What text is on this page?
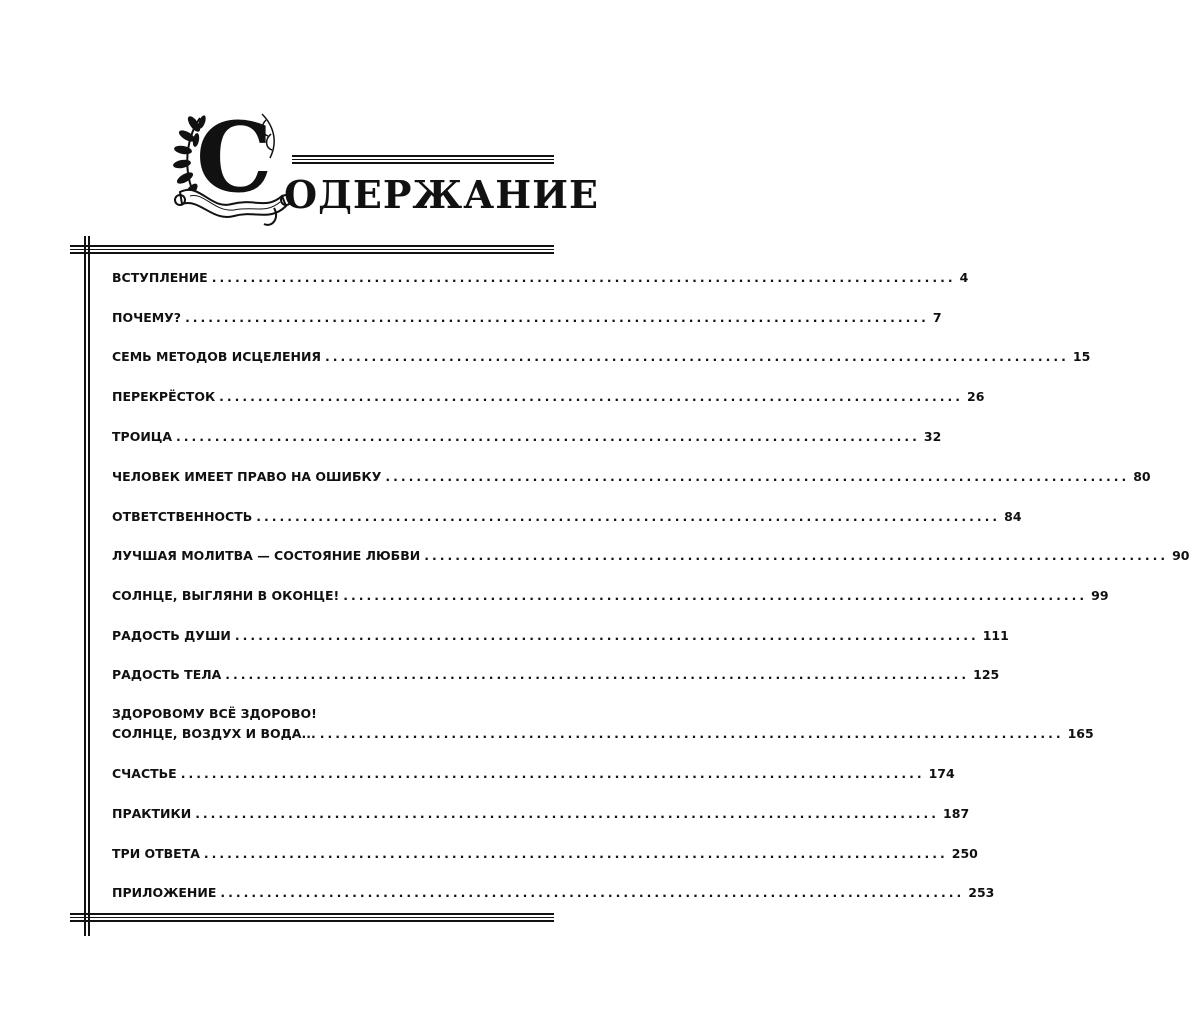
С ОДЕРЖАНИЕ
ВСТУПЛЕНИЕ ................................................................................................ 4
ПОЧЕМУ? ................................................................................................ 7
СЕМЬ МЕТОДОВ ИСЦЕЛЕНИЯ ................................................................................................ 15
ПЕРЕКРЁСТОК ................................................................................................ 26
ТРОИЦА ................................................................................................ 32
ЧЕЛОВЕК ИМЕЕТ ПРАВО НА ОШИБКУ ................................................................................................ 80
ОТВЕТСТВЕННОСТЬ ................................................................................................ 84
ЛУЧШАЯ МОЛИТВА — СОСТОЯНИЕ ЛЮБВИ ................................................................................................ 90
СОЛНЦЕ, ВЫГЛЯНИ В ОКОНЦЕ! ................................................................................................ 99
РАДОСТЬ ДУШИ ................................................................................................ 111
РАДОСТЬ ТЕЛА ................................................................................................ 125
ЗДОРОВОМУ ВСЁ ЗДОРОВО!
СОЛНЦЕ, ВОЗДУХ И ВОДА... ................................................................................................ 165
СЧАСТЬЕ ................................................................................................ 174
ПРАКТИКИ ................................................................................................ 187
ТРИ ОТВЕТА ................................................................................................ 250
ПРИЛОЖЕНИЕ ................................................................................................ 253
